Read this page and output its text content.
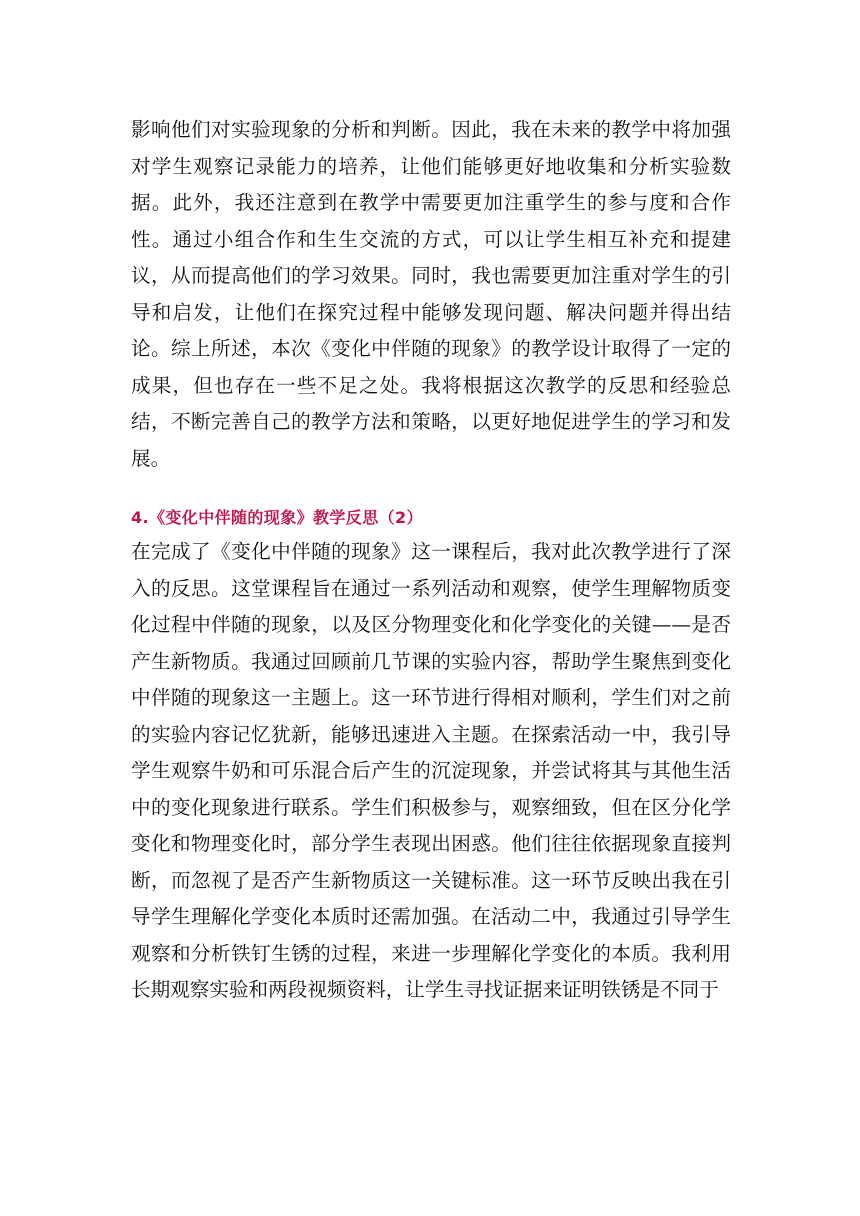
影响他们对实验现象的分析和判断。因此，我在未来的教学中将加强对学生观察记录能力的培养，让他们能够更好地收集和分析实验数据。此外，我还注意到在教学中需要更加注重学生的参与度和合作性。通过小组合作和生生交流的方式，可以让学生相互补充和提建议，从而提高他们的学习效果。同时，我也需要更加注重对学生的引导和启发，让他们在探究过程中能够发现问题、解决问题并得出结论。综上所述，本次《变化中伴随的现象》的教学设计取得了一定的成果，但也存在一些不足之处。我将根据这次教学的反思和经验总结，不断完善自己的教学方法和策略，以更好地促进学生的学习和发展。

4.《变化中伴随的现象》教学反思（2）

在完成了《变化中伴随的现象》这一课程后，我对此次教学进行了深入的反思。这堂课程旨在通过一系列活动和观察，使学生理解物质变化过程中伴随的现象，以及区分物理变化和化学变化的关键——是否产生新物质。我通过回顾前几节课的实验内容，帮助学生聚焦到变化中伴随的现象这一主题上。这一环节进行得相对顺利，学生们对之前的实验内容记忆犹新，能够迅速进入主题。在探索活动一中，我引导学生观察牛奶和可乐混合后产生的沉淀现象，并尝试将其与其他生活中的变化现象进行联系。学生们积极参与，观察细致，但在区分化学变化和物理变化时，部分学生表现出困惑。他们往往依据现象直接判断，而忽视了是否产生新物质这一关键标准。这一环节反映出我在引导学生理解化学变化本质时还需加强。在活动二中，我通过引导学生观察和分析铁钉生锈的过程，来进一步理解化学变化的本质。我利用长期观察实验和两段视频资料，让学生寻找证据来证明铁锈是不同于
